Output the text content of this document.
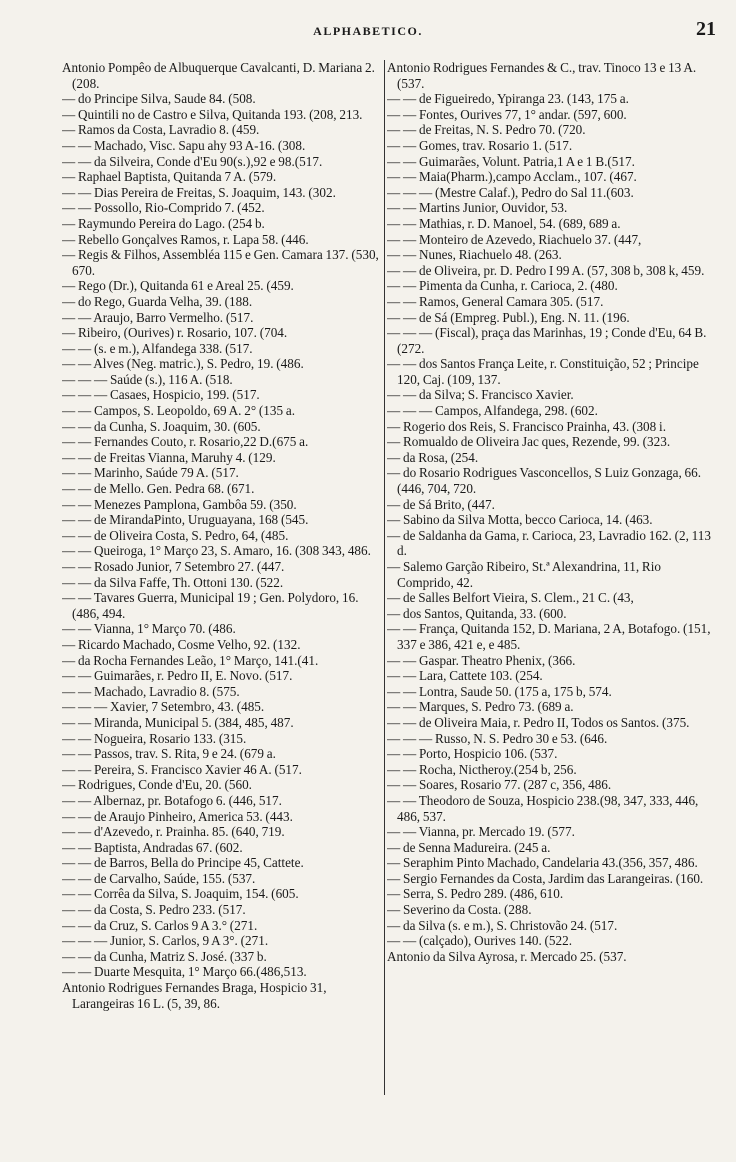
ALPHABETICO.	21

Antonio Pompêo de Albuquerque Cavalcanti, D. Mariana 2. (208.

— do Principe Silva, Saude 84. (508.

— Quintili no de Castro e Silva, Quitanda 193. (208, 213.

— Ramos da Costa, Lavradio 8. (459.

— — Machado, Visc. Sapu ahy 93 A-16. (308.

— — da Silveira, Conde d'Eu 90(s.),92 e 98.(517.

— Raphael Baptista, Quitanda 7 A. (579.

— — Dias Pereira de Freitas, S. Joaquim, 143. (302.

— — Possollo, Rio-Comprido 7. (452.

— Raymundo Pereira do Lago. (254 b.

— Rebello Gonçalves Ramos, r. Lapa 58. (446.

— Regis & Filhos, Assembléa 115 e Gen. Camara 137. (530, 670.

— Rego (Dr.), Quitanda 61 e Areal 25. (459.

— do Rego, Guarda Velha, 39. (188.

— — Araujo, Barro Vermelho. (517.

— Ribeiro, (Ourives) r. Rosario, 107. (704.

— — (s. e m.), Alfandega 338. (517.

— — Alves (Neg. matric.), S. Pedro, 19. (486.

— — — Saúde (s.), 116 A. (518.

— — — Casaes, Hospicio, 199. (517.

— — Campos, S. Leopoldo, 69 A. 2° (135 a.

— — da Cunha, S. Joaquim, 30. (605.

— — Fernandes Couto, r. Rosario,22 D.(675 a.

— — de Freitas Vianna, Maruhy 4. (129.

— — Marinho, Saúde 79 A. (517.

— — de Mello. Gen. Pedra 68. (671.

— — Menezes Pamplona, Gambôa 59. (350.

— — de MirandaPinto, Uruguayana, 168 (545.

— — de Oliveira Costa, S. Pedro, 64, (485.

— — Queiroga, 1° Março 23, S. Amaro, 16. (308 343, 486.

— — Rosado Junior, 7 Setembro 27. (447.

— — da Silva Faffe, Th. Ottoni 130. (522.

— — Tavares Guerra, Municipal 19 ; Gen. Polydoro, 16. (486, 494.

— — Vianna, 1° Março 70. (486.

— Ricardo Machado, Cosme Velho, 92. (132.

— da Rocha Fernandes Leão, 1° Março, 141.(41.

— — Guimarães, r. Pedro II, E. Novo. (517.

— — Machado, Lavradio 8. (575.

— — — Xavier, 7 Setembro, 43. (485.

— — Miranda, Municipal 5. (384, 485, 487.

— — Nogueira, Rosario 133. (315.

— — Passos, trav. S. Rita, 9 e 24. (679 a.

— — Pereira, S. Francisco Xavier 46 A. (517.

— Rodrigues, Conde d'Eu, 20. (560.

— — Albernaz, pr. Botafogo 6. (446, 517.

— — de Araujo Pinheiro, America 53. (443.

— — d'Azevedo, r. Prainha. 85. (640, 719.

— — Baptista, Andradas 67. (602.

— — de Barros, Bella do Principe 45, Cattete.

— — de Carvalho, Saúde, 155. (537.

— — Corrêa da Silva, S. Joaquim, 154. (605.

— — da Costa, S. Pedro 233. (517.

— — da Cruz, S. Carlos 9 A 3.° (271.

— — — Junior, S. Carlos, 9 A 3°. (271.

— — da Cunha, Matriz S. José. (337 b.

— — Duarte Mesquita, 1° Março 66.(486,513.

Antonio Rodrigues Fernandes Braga, Hospicio 31, Larangeiras 16 L. (5, 39, 86.

Antonio Rodrigues Fernandes & C., trav. Tinoco 13 e 13 A. (537.

— — de Figueiredo, Ypiranga 23. (143, 175 a.

— — Fontes, Ourives 77, 1° andar. (597, 600.

— — de Freitas, N. S. Pedro 70. (720.

— — Gomes, trav. Rosario 1. (517.

— — Guimarães, Volunt. Patria,1 A e 1 B.(517.

— — Maia(Pharm.),campo Acclam., 107. (467.

— — — (Mestre Calaf.), Pedro do Sal 11.(603.

— — Martins Junior, Ouvidor, 53.

— — Mathias, r. D. Manoel, 54. (689, 689 a.

— — Monteiro de Azevedo, Riachuelo 37. (447,

— — Nunes, Riachuelo 48. (263.

— — de Oliveira, pr. D. Pedro I 99 A. (57, 308 b, 308 k, 459.

— — Pimenta da Cunha, r. Carioca, 2. (480.

— — Ramos, General Camara 305. (517.

— — de Sá (Empreg. Publ.), Eng. N. 11. (196.

— — — (Fiscal), praça das Marinhas, 19 ; Conde d'Eu, 64 B. (272.

— — dos Santos França Leite, r. Constituição, 52 ; Principe 120, Caj. (109, 137.

— — da Silva; S. Francisco Xavier.

— — — Campos, Alfandega, 298. (602.

— Rogerio dos Reis, S. Francisco Prainha, 43. (308 i.

— Romualdo de Oliveira Jac ques, Rezende, 99. (323.

— da Rosa, (254.

— do Rosario Rodrigues Vasconcellos, S Luiz Gonzaga, 66. (446, 704, 720.

— de Sá Brito, (447.

— Sabino da Silva Motta, becco Carioca, 14. (463.

— de Saldanha da Gama, r. Carioca, 23, Lavradio 162. (2, 113 d.

— Salemo Garção Ribeiro, St.ª Alexandrina, 11, Rio Comprido, 42.

— de Salles Belfort Vieira, S. Clem., 21 C. (43,

— dos Santos, Quitanda, 33. (600.

— — França, Quitanda 152, D. Mariana, 2 A, Botafogo. (151, 337 e 386, 421 e, e 485.

— — Gaspar. Theatro Phenix, (366.

— — Lara, Cattete 103. (254.

— — Lontra, Saude 50. (175 a, 175 b, 574.

— — Marques, S. Pedro 73. (689 a.

— — de Oliveira Maia, r. Pedro II, Todos os Santos. (375.

— — — Russo, N. S. Pedro 30 e 53. (646.

— — Porto, Hospicio 106. (537.

— — Rocha, Nictheroy.(254 b, 256.

— — Soares, Rosario 77. (287 c, 356, 486.

— — Theodoro de Souza, Hospicio 238.(98, 347, 333, 446, 486, 537.

— — Vianna, pr. Mercado 19. (577.

— de Senna Madureira. (245 a.

— Seraphim Pinto Machado, Candelaria 43.(356, 357, 486.

— Sergio Fernandes da Costa, Jardim das Larangeiras. (160.

— Serra, S. Pedro 289. (486, 610.

— Severino da Costa. (288.

— da Silva (s. e m.), S. Christovão 24. (517.

— — (calçado), Ourives 140. (522.

Antonio da Silva Ayrosa, r. Mercado 25. (537.
